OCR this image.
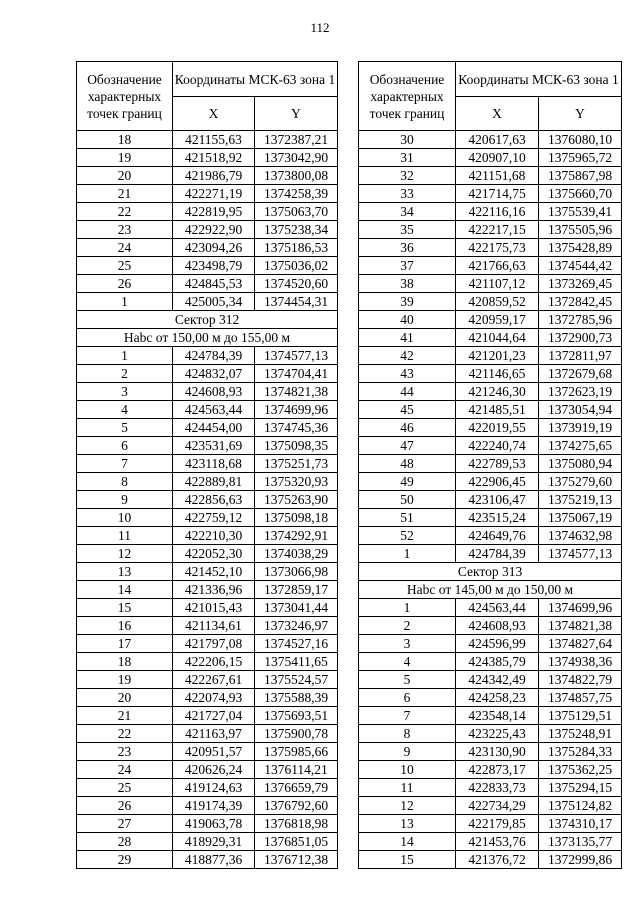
112
Обозначение характерных точек границ	Координаты МСК-63 зона 1	
	X	Y
18	421155,63	1372387,21
19	421518,92	1373042,90
20	421986,79	1373800,08
21	422271,19	1374258,39
22	422819,95	1375063,70
23	422922,90	1375238,34
24	423094,26	1375186,53
25	423498,79	1375036,02
26	424845,53	1374520,60
1	425005,34	1374454,31
Сектор 312		
Нabс от 150,00 м до 155,00 м		
1	424784,39	1374577,13
2	424832,07	1374704,41
3	424608,93	1374821,38
4	424563,44	1374699,96
5	424454,00	1374745,36
6	423531,69	1375098,35
7	423118,68	1375251,73
8	422889,81	1375320,93
9	422856,63	1375263,90
10	422759,12	1375098,18
11	422210,30	1374292,91
12	422052,30	1374038,29
13	421452,10	1373066,98
14	421336,96	1372859,17
15	421015,43	1373041,44
16	421134,61	1373246,97
17	421797,08	1374527,16
18	422206,15	1375411,65
19	422267,61	1375524,57
20	422074,93	1375588,39
21	421727,04	1375693,51
22	421163,97	1375900,78
23	420951,57	1375985,66
24	420626,24	1376114,21
25	419124,63	1376659,79
26	419174,39	1376792,60
27	419063,78	1376818,98
28	418929,31	1376851,05
29	418877,36	1376712,38
Обозначение характерных точек границ	Координаты МСК-63 зона 1	
	X	Y
30	420617,63	1376080,10
31	420907,10	1375965,72
32	421151,68	1375867,98
33	421714,75	1375660,70
34	422116,16	1375539,41
35	422217,15	1375505,96
36	422175,73	1375428,89
37	421766,63	1374544,42
38	421107,12	1373269,45
39	420859,52	1372842,45
40	420959,17	1372785,96
41	421044,64	1372900,73
42	421201,23	1372811,97
43	421146,65	1372679,68
44	421246,30	1372623,19
45	421485,51	1373054,94
46	422019,55	1373919,19
47	422240,74	1374275,65
48	422789,53	1375080,94
49	422906,45	1375279,60
50	423106,47	1375219,13
51	423515,24	1375067,19
52	424649,76	1374632,98
1	424784,39	1374577,13
Сектор 313		
Нabс от 145,00 м до 150,00 м		
1	424563,44	1374699,96
2	424608,93	1374821,38
3	424596,99	1374827,64
4	424385,79	1374938,36
5	424342,49	1374822,79
6	424258,23	1374857,75
7	423548,14	1375129,51
8	423225,43	1375248,91
9	423130,90	1375284,33
10	422873,17	1375362,25
11	422833,73	1375294,15
12	422734,29	1375124,82
13	422179,85	1374310,17
14	421453,76	1373135,77
15	421376,72	1372999,86
